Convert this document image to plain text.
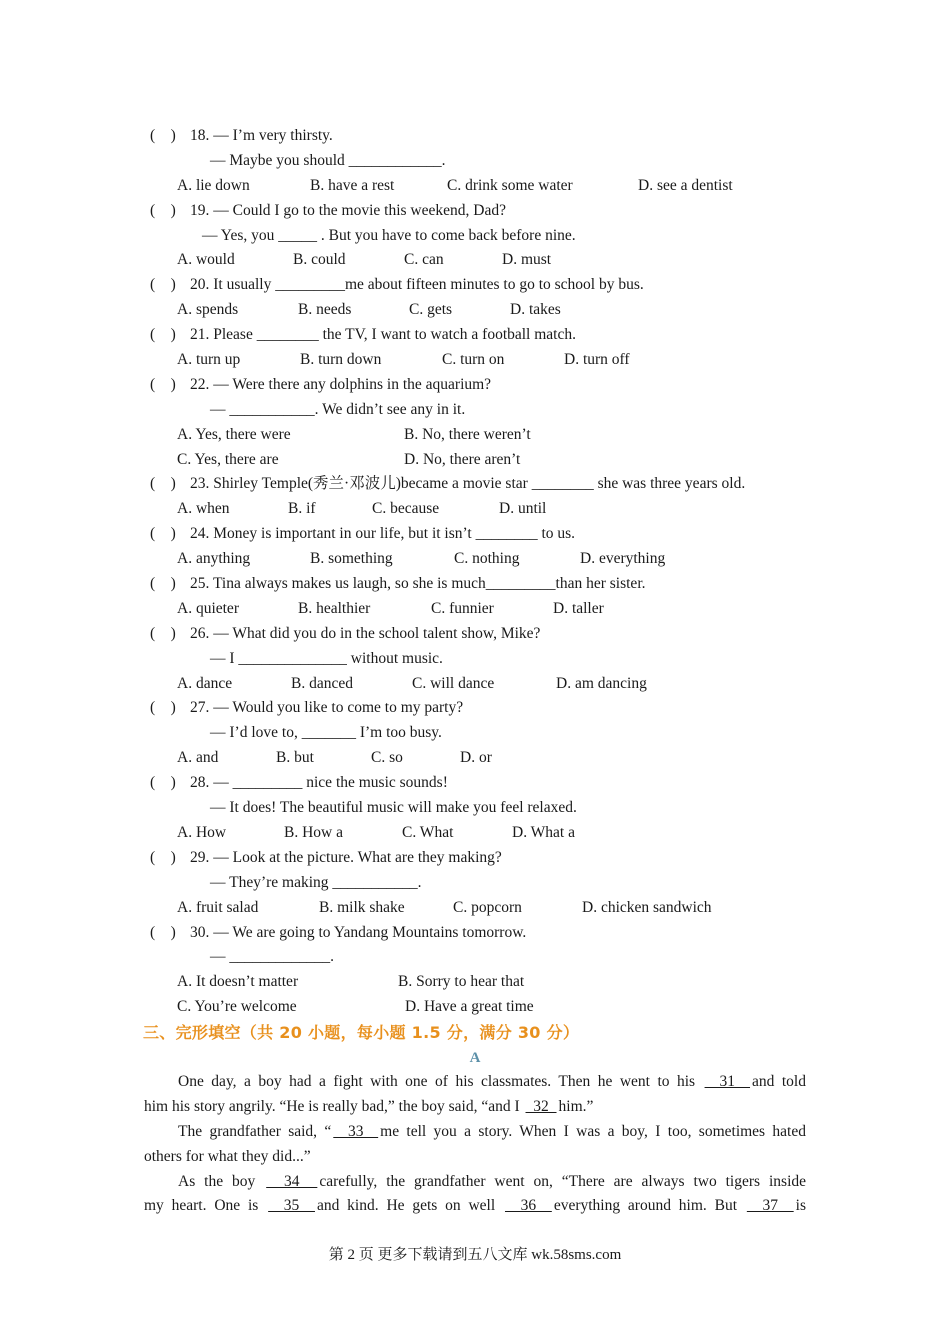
(    ) 18. — I’m very thirsty.
— Maybe you should ____________.
A. lie down	B. have a rest	C. drink some water	D. see a dentist
(    ) 19. — Could I go to the movie this weekend, Dad?
— Yes, you _____ . But you have to come back before nine.
A. would	B. could	C. can	D. must
(    ) 20. It usually _________me about fifteen minutes to go to school by bus.
A. spends	B. needs	C. gets	D. takes
(    ) 21. Please ________ the TV, I want to watch a football match.
A. turn up	B. turn down	C. turn on	D. turn off
(    ) 22. — Were there any dolphins in the aquarium?
— ___________. We didn’t see any in it.
A. Yes, there were	B. No, there weren’t
C. Yes, there are	D. No, there aren’t
(    ) 23. Shirley Temple(秀兰·邓波儿)became a movie star ________ she was three years old.
A. when	B. if	C. because	D. until
(    ) 24. Money is important in our life, but it isn’t ________ to us.
A. anything	B. something	C. nothing	D. everything
(    ) 25. Tina always makes us laugh, so she is much_________than her sister.
A. quieter	B. healthier	C. funnier	D. taller
(    ) 26. — What did you do in the school talent show, Mike?
— I ______________ without music.
A. dance	B. danced	C. will dance	D. am dancing
(    ) 27. — Would you like to come to my party?
— I’d love to, _______ I’m too busy.
A. and	B. but	C. so	D. or
(    ) 28. — _________ nice the music sounds!
— It does! The beautiful music will make you feel relaxed.
A. How	B. How a	C. What	D. What a
(    ) 29. — Look at the picture. What are they making?
— They’re making ___________.
A. fruit salad	B. milk shake	C. popcorn	D. chicken sandwich
(    ) 30. — We are going to Yandang Mountains tomorrow.
— _____________.
A. It doesn’t matter	B. Sorry to hear that
C. You’re welcome	D. Have a great time
三、完形填空（共 20 小题，每小题 1.5 分，满分 30 分）
A
One day, a boy had a fight with one of his classmates. Then he went to his   31  and told
him his story angrily. “He is really bad,” the boy said, “and I   32  him.”
The grandfather said, “  33  me tell you a story. When I was a boy, I too, sometimes hated
others for what they did...”
As the boy   34  carefully, the grandfather went on, “There are always two tigers inside
my heart. One is   35  and kind. He gets on well   36  everything around him. But   37  is
第 2 页 更多下载请到五八文库 wk.58sms.com
